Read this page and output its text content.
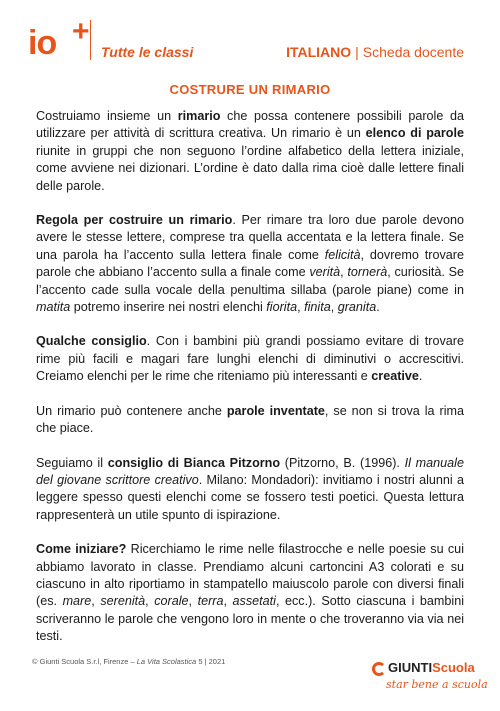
io +
Tutte le classi	ITALIANO | Scheda docente
COSTRURE UN RIMARIO

Costruiamo insieme un rimario che possa contenere possibili parole da utilizzare per attività di scrittura creativa. Un rimario è un elenco di parole riunite in gruppi che non seguono l’ordine alfabetico della lettera iniziale, come avviene nei dizionari. L’ordine è dato dalla rima cioè dalle lettere finali delle parole.

Regola per costruire un rimario. Per rimare tra loro due parole devono avere le stesse lettere, comprese tra quella accentata e la lettera finale. Se una parola ha l’accento sulla lettera finale come felicità, dovremo trovare parole che abbiano l’accento sulla a finale come verità, tornerà, curiosità. Se l’accento cade sulla vocale della penultima sillaba (parole piane) come in matita potremo inserire nei nostri elenchi fiorita, finita, granita.

Qualche consiglio. Con i bambini più grandi possiamo evitare di trovare rime più facili e magari fare lunghi elenchi di diminutivi o accrescitivi. Creiamo elenchi per le rime che riteniamo più interessanti e creative.

Un rimario può contenere anche parole inventate, se non si trova la rima che piace.

Seguiamo il consiglio di Bianca Pitzorno (Pitzorno, B. (1996). Il manuale del giovane scrittore creativo. Milano: Mondadori): invitiamo i nostri alunni a leggere spesso questi elenchi come se fossero testi poetici. Questa lettura rappresenterà un utile spunto di ispirazione.

Come iniziare? Ricerchiamo le rime nelle filastrocche e nelle poesie su cui abbiamo lavorato in classe. Prendiamo alcuni cartoncini A3 colorati e su ciascuno in alto riportiamo in stampatello maiuscolo parole con diversi finali (es. mare, serenità, corale, terra, assetati, ecc.). Sotto ciascuna i bambini scriveranno le parole che vengono loro in mente o che troveranno via via nei testi.

© Giunti Scuola S.r.l, Firenze – La Vita Scolastica 5 | 2021	GIUNTIScuola
star bene a scuola
